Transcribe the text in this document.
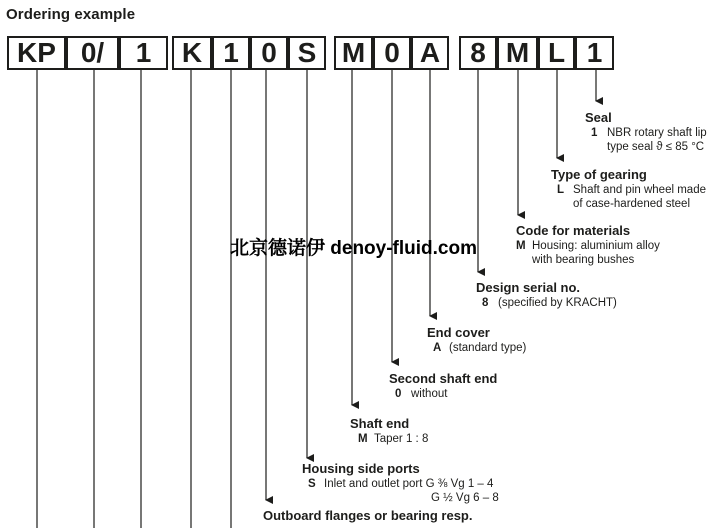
Ordering example
KP 0/	1	K 1 0 S M 0 A	8 M L 1
Seal
1 NBR rotary shaft lip
type seal ϑ ≤ 85 °C
Type of gearing
L Shaft and pin wheel made
of case-hardened steel
Code for materials
M Housing: aluminium alloy
with bearing bushes
Design serial no.
8 (specified by KRACHT)
End cover
A (standard type)
Second shaft end
0 without
Shaft end
M Taper 1 : 8
Housing side ports
S Inlet and outlet port G ⅜ Vg 1 – 4
G ½ Vg 6 – 8
Outboard flanges or bearing resp.
北京德诺伊 denoy-fluid.com
